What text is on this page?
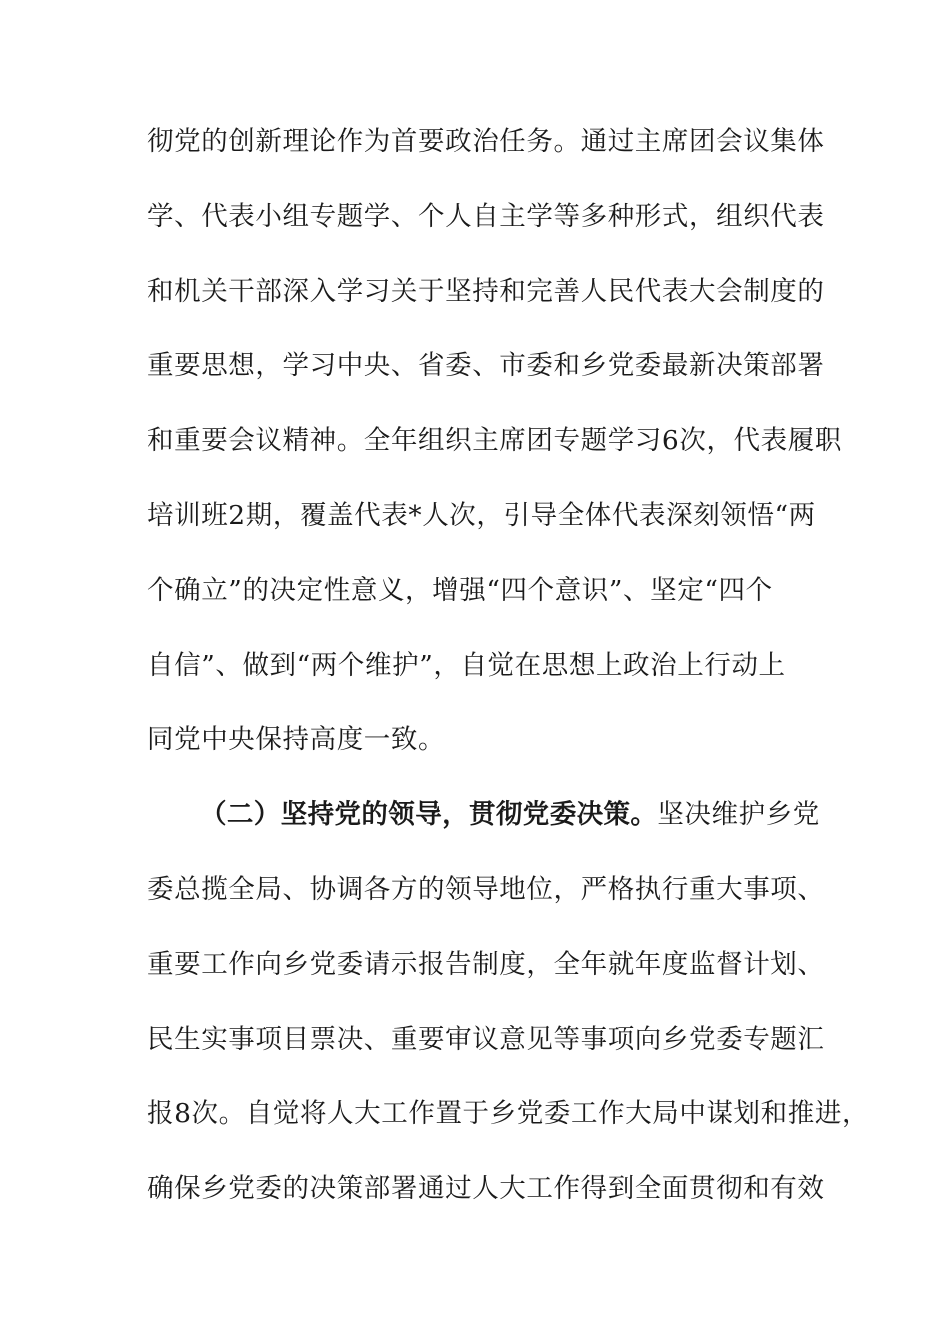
彻党的创新理论作为首要政治任务。通过主席团会议集体
学、代表小组专题学、个人自主学等多种形式，组织代表
和机关干部深入学习关于坚持和完善人民代表大会制度的
重要思想，学习中央、省委、市委和乡党委最新决策部署
和重要会议精神。全年组织主席团专题学习6次，代表履职
培训班2期，覆盖代表*人次，引导全体代表深刻领悟“两
个确立”的决定性意义，增强“四个意识”、坚定“四个
自信”、做到“两个维护”，自觉在思想上政治上行动上
同党中央保持高度一致。
（二）坚持党的领导，贯彻党委决策。坚决维护乡党
委总揽全局、协调各方的领导地位，严格执行重大事项、
重要工作向乡党委请示报告制度，全年就年度监督计划、
民生实事项目票决、重要审议意见等事项向乡党委专题汇
报8次。自觉将人大工作置于乡党委工作大局中谋划和推进，
确保乡党委的决策部署通过人大工作得到全面贯彻和有效
